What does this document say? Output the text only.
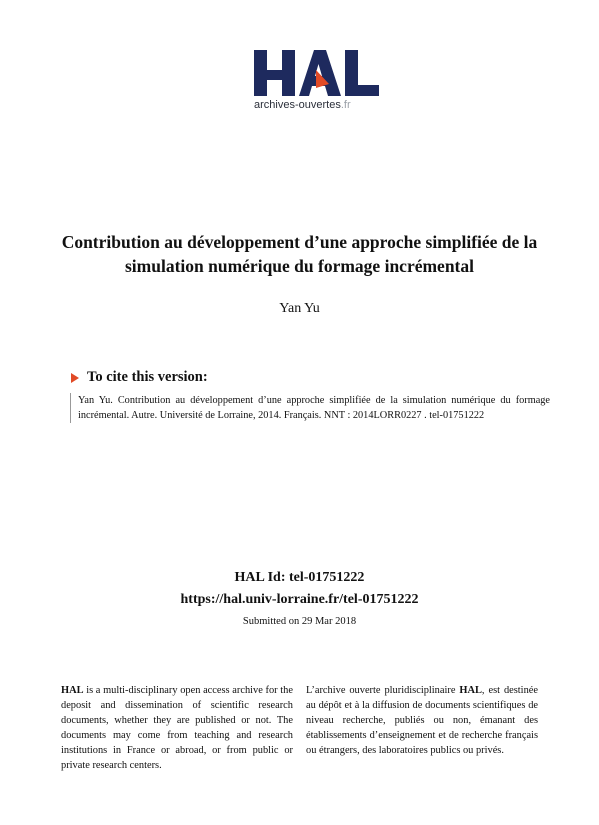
archives-ouvertes.fr
Contribution au développement d’une approche simplifiée de la simulation numérique du formage incrémental
Yan Yu
To cite this version:
Yan Yu. Contribution au développement d’une approche simplifiée de la simulation numérique du formage incrémental. Autre. Université de Lorraine, 2014. Français. NNT : 2014LORR0227 . tel-01751222
HAL Id: tel-01751222
https://hal.univ-lorraine.fr/tel-01751222
Submitted on 29 Mar 2018
HAL is a multi-disciplinary open access archive for the deposit and dissemination of scientific research documents, whether they are published or not. The documents may come from teaching and research institutions in France or abroad, or from public or private research centers.
L’archive ouverte pluridisciplinaire HAL, est destinée au dépôt et à la diffusion de documents scientifiques de niveau recherche, publiés ou non, émanant des établissements d’enseignement et de recherche français ou étrangers, des laboratoires publics ou privés.
